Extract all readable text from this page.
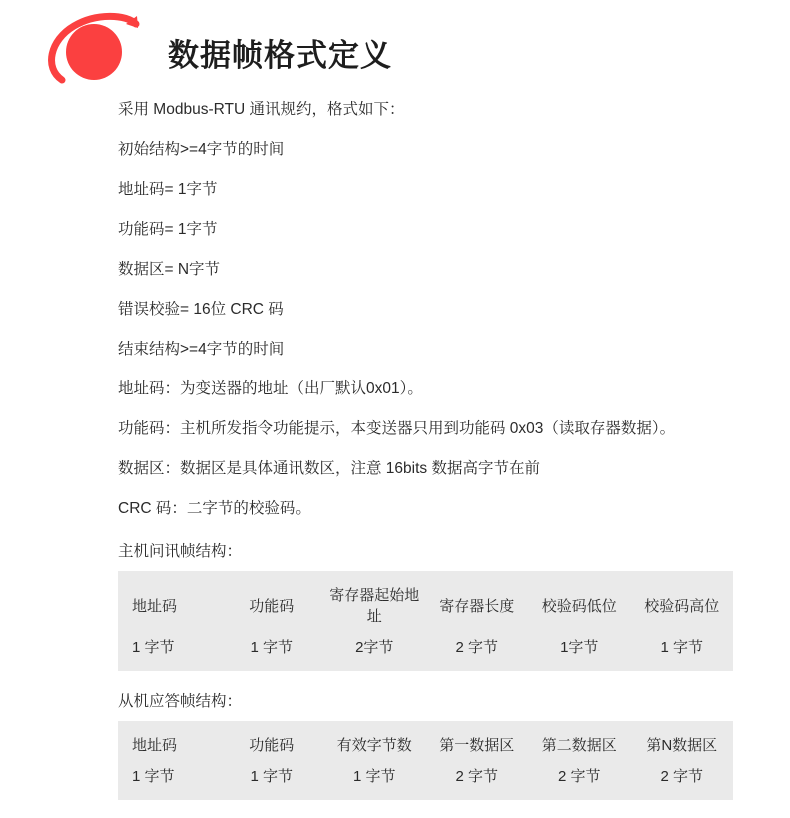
数据帧格式定义

采用 Modbus-RTU 通讯规约，格式如下：

初始结构>=4字节的时间

地址码= 1字节

功能码= 1字节

数据区= N字节

错误校验= 16位 CRC 码

结束结构>=4字节的时间

地址码：为变送器的地址（出厂默认0x01）。

功能码：主机所发指令功能提示，本变送器只用到功能码 0x03（读取存器数据）。

数据区：数据区是具体通讯数区，注意 16bits 数据高字节在前

CRC 码：二字节的校验码。

主机问讯帧结构：

地址码	功能码	寄存器起始地址	寄存器长度	校验码低位	校验码高位
1 字节	1 字节	2字节	2 字节	1字节	1 字节

从机应答帧结构：

地址码	功能码	有效字节数	第一数据区	第二数据区	第N数据区
1 字节	1 字节	1 字节	2 字节	2 字节	2 字节
